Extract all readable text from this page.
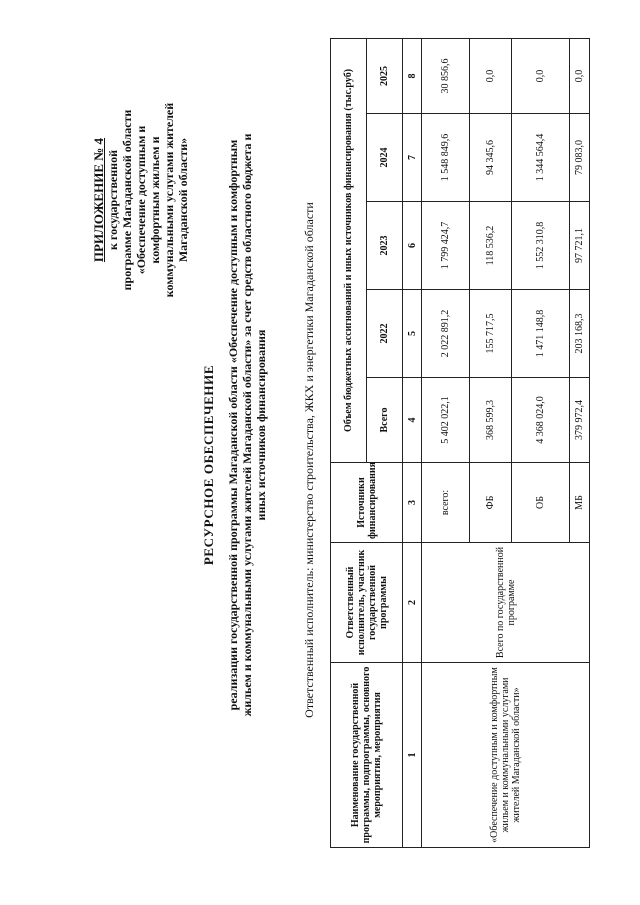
ПРИЛОЖЕНИЕ № 4 к государственной программе Магаданской области «Обеспечение доступным и комфортным жильем и коммунальными услугами жителей Магаданской области»
РЕСУРСНОЕ ОБЕСПЕЧЕНИЕ реализации государственной программы Магаданской области «Обеспечение доступным и комфортным жильем и коммунальными услугами жителей Магаданской области» за счет средств областного бюджета и иных источников финансирования	Ответственный исполнитель: министерство строительства, ЖКХ и энергетики Магаданской области
Наименование государственной программы, подпрограммы, основного мероприятия, мероприятия	Ответственный исполнитель, участник государственной программы	Источники финансирования	Объем бюджетных ассигнований и иных источников финансирования (тыс.руб)				
			Всего	2022	2023	2024	2025
1	2	3	4	5	6	7	8
«Обеспечение доступным и комфортным жильем и коммунальными услугами жителей Магаданской области»	Всего по государственной программе	всего:	5 402 022,1	2 022 891,2	1 799 424,7	1 548 849,6	30 856,6
		ФБ	368 599,3	155 717,5	118 536,2	94 345,6	0,0
		ОБ	4 368 024,0	1 471 148,8	1 552 310,8	1 344 564,4	0,0
		МБ	379 972,4	203 168,3	97 721,1	79 083,0	0,0
